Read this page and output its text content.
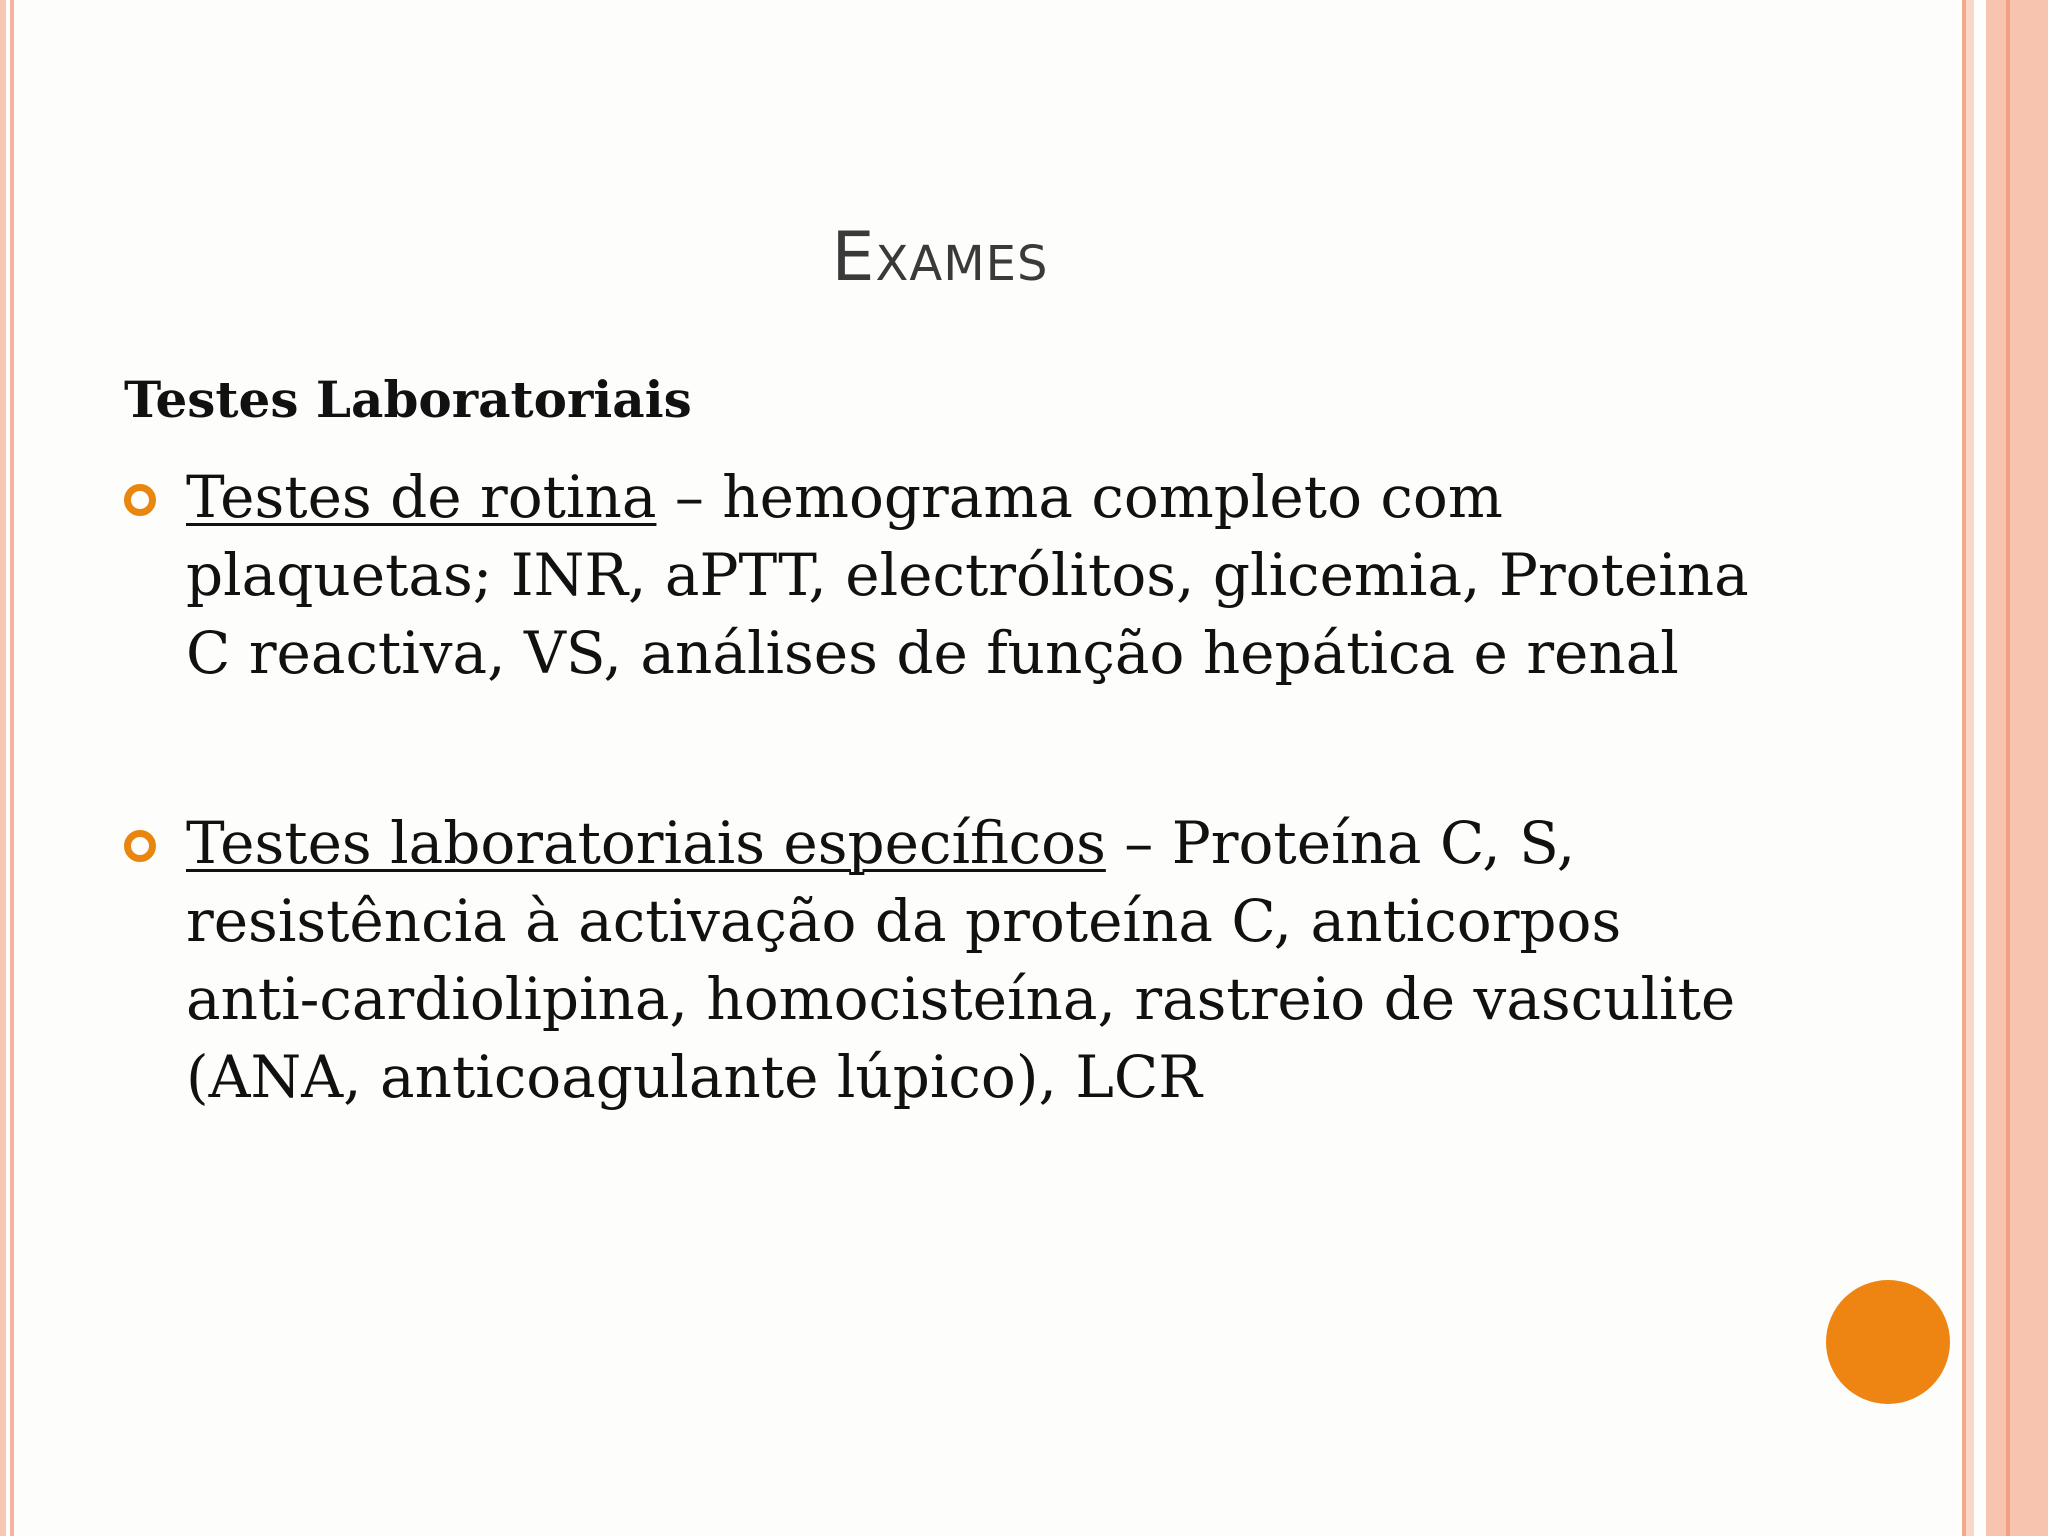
Exames
Testes Laboratoriais
Testes de rotina – hemograma completo com plaquetas; INR, aPTT, electrólitos, glicemia, Proteina C reactiva, VS, análises de função hepática e renal
Testes laboratoriais específicos – Proteína C, S, resistência à activação da proteína C, anticorpos anti-cardiolipina, homocisteína, rastreio de vasculite (ANA, anticoagulante lúpico), LCR
